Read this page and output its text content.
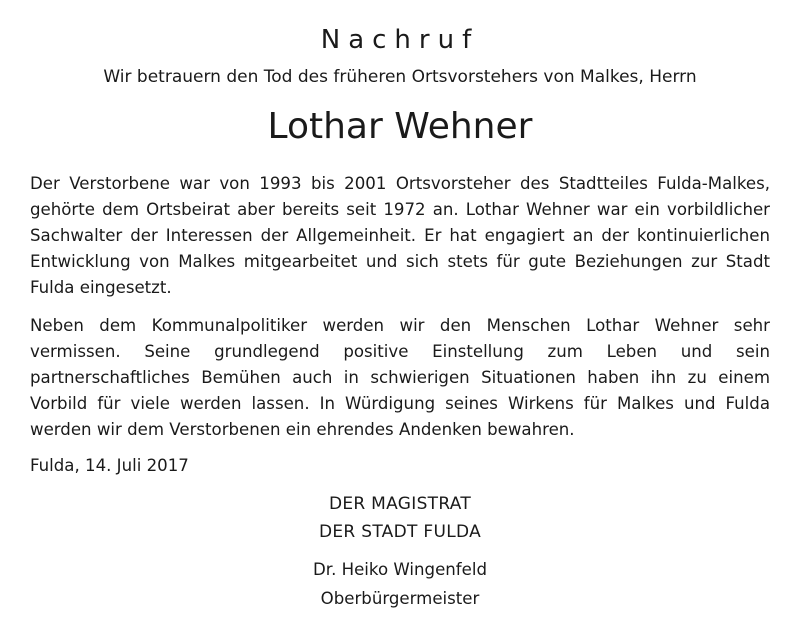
Nachruf

Wir betrauern den Tod des früheren Ortsvorstehers von Malkes, Herrn

Lothar Wehner

Der Verstorbene war von 1993 bis 2001 Ortsvorsteher des Stadtteiles Fulda-Malkes, gehörte dem Ortsbeirat aber bereits seit 1972 an. Lothar Wehner war ein vorbildlicher Sachwalter der Interessen der Allgemeinheit. Er hat engagiert an der kontinuierlichen Entwicklung von Malkes mitgearbeitet und sich stets für gute Beziehungen zur Stadt Fulda eingesetzt.

Neben dem Kommunalpolitiker werden wir den Menschen Lothar Wehner sehr vermissen. Seine grundlegend positive Einstellung zum Leben und sein partnerschaftliches Bemühen auch in schwierigen Situationen haben ihn zu einem Vorbild für viele werden lassen. In Würdigung seines Wirkens für Malkes und Fulda werden wir dem Verstorbenen ein ehrendes Andenken bewahren.

Fulda, 14. Juli 2017

DER MAGISTRAT

DER STADT FULDA

Dr. Heiko Wingenfeld

Oberbürgermeister
